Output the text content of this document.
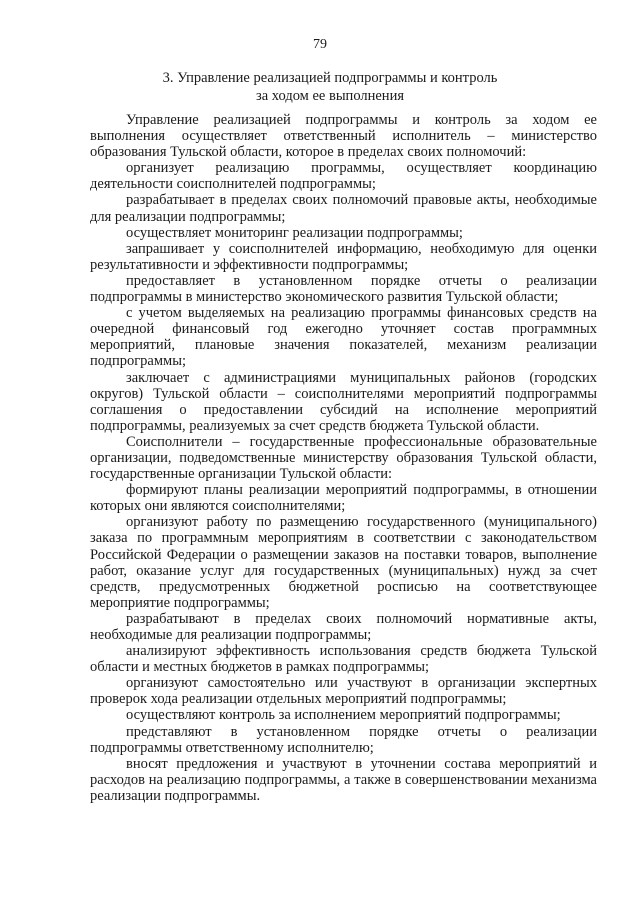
79

3. Управление реализацией подпрограммы и контроль
за ходом ее выполнения

Управление реализацией подпрограммы и контроль за ходом ее выполнения осуществляет ответственный исполнитель – министерство образования Тульской области, которое в пределах своих полномочий:

организует реализацию программы, осуществляет координацию деятельности соисполнителей подпрограммы;

разрабатывает в пределах своих полномочий правовые акты, необходимые для реализации подпрограммы;

осуществляет мониторинг реализации подпрограммы;

запрашивает у соисполнителей информацию, необходимую для оценки результативности и эффективности подпрограммы;

предоставляет в установленном порядке отчеты о реализации подпрограммы в министерство экономического развития Тульской области;

с учетом выделяемых на реализацию программы финансовых средств на очередной финансовый год ежегодно уточняет состав программных мероприятий, плановые значения показателей, механизм реализации подпрограммы;

заключает с администрациями муниципальных районов (городских округов) Тульской области – соисполнителями мероприятий подпрограммы соглашения о предоставлении субсидий на исполнение мероприятий подпрограммы, реализуемых за счет средств бюджета Тульской области.

Соисполнители – государственные профессиональные образовательные организации, подведомственные министерству образования Тульской области, государственные организации Тульской области:

формируют планы реализации мероприятий подпрограммы, в отношении которых они являются соисполнителями;

организуют работу по размещению государственного (муниципального) заказа по программным мероприятиям в соответствии с законодательством Российской Федерации о размещении заказов на поставки товаров, выполнение работ, оказание услуг для государственных (муниципальных) нужд за счет средств, предусмотренных бюджетной росписью на соответствующее мероприятие подпрограммы;

разрабатывают в пределах своих полномочий нормативные акты, необходимые для реализации подпрограммы;

анализируют эффективность использования средств бюджета Тульской области и местных бюджетов в рамках подпрограммы;

организуют самостоятельно или участвуют в организации экспертных проверок хода реализации отдельных мероприятий подпрограммы;

осуществляют контроль за исполнением мероприятий подпрограммы;

представляют в установленном порядке отчеты о реализации подпрограммы ответственному исполнителю;

вносят предложения и участвуют в уточнении состава мероприятий и расходов на реализацию подпрограммы, а также в совершенствовании механизма реализации подпрограммы.
